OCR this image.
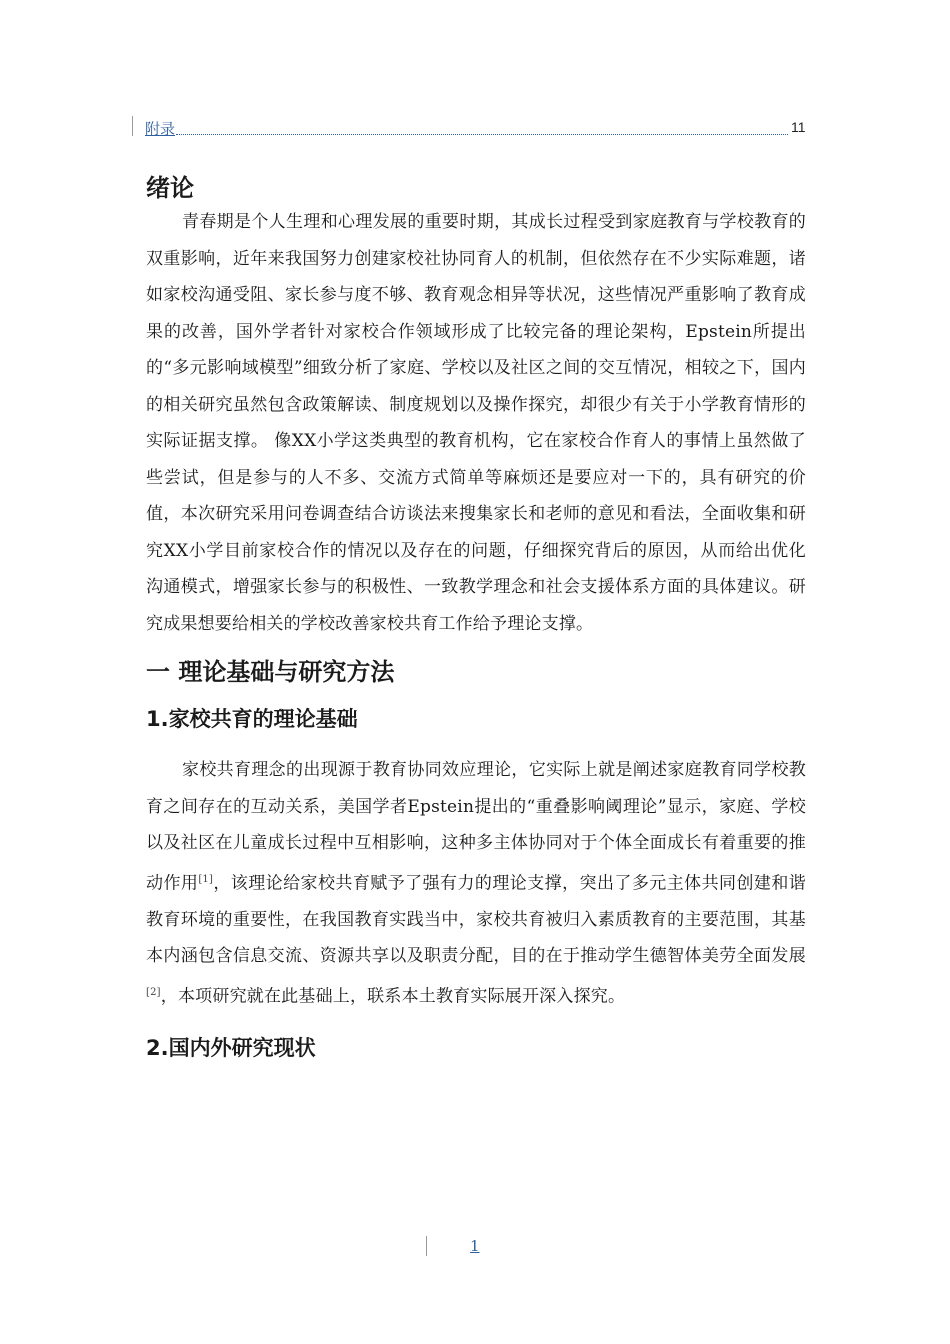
附录	11
绪论

青春期是个人生理和心理发展的重要时期，其成长过程受到家庭教育与学校教育的双重影响，近年来我国努力创建家校社协同育人的机制，但依然存在不少实际难题，诸如家校沟通受阻、家长参与度不够、教育观念相异等状况，这些情况严重影响了教育成果的改善，国外学者针对家校合作领域形成了比较完备的理论架构，Epstein所提出的“多元影响域模型”细致分析了家庭、学校以及社区之间的交互情况，相较之下，国内的相关研究虽然包含政策解读、制度规划以及操作探究，却很少有关于小学教育情形的实际证据支撑。 像XX小学这类典型的教育机构，它在家校合作育人的事情上虽然做了些尝试，但是参与的人不多、交流方式简单等麻烦还是要应对一下的，具有研究的价值，本次研究采用问卷调查结合访谈法来搜集家长和老师的意见和看法，全面收集和研究XX小学目前家校合作的情况以及存在的问题，仔细探究背后的原因，从而给出优化沟通模式，增强家长参与的积极性、一致教学理念和社会支援体系方面的具体建议。研究成果想要给相关的学校改善家校共育工作给予理论支撑。

一 理论基础与研究方法
1.家校共育的理论基础

家校共育理念的出现源于教育协同效应理论，它实际上就是阐述家庭教育同学校教育之间存在的互动关系，美国学者Epstein提出的“重叠影响阈理论”显示，家庭、学校以及社区在儿童成长过程中互相影响，这种多主体协同对于个体全面成长有着重要的推动作用[1]，该理论给家校共育赋予了强有力的理论支撑，突出了多元主体共同创建和谐教育环境的重要性，在我国教育实践当中，家校共育被归入素质教育的主要范围，其基本内涵包含信息交流、资源共享以及职责分配，目的在于推动学生德智体美劳全面发展[2]，本项研究就在此基础上，联系本土教育实际展开深入探究。

2.国内外研究现状
1
